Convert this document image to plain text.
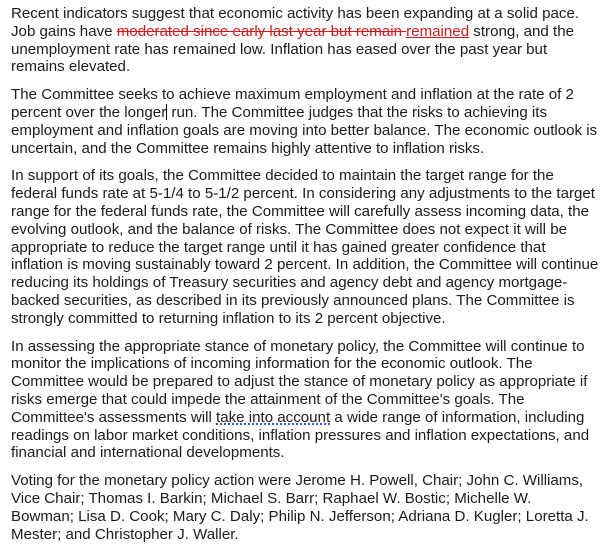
Recent indicators suggest that economic activity has been expanding at a solid pace.
Job gains have moderated since early last year but remain remained strong, and the
unemployment rate has remained low. Inflation has eased over the past year but
remains elevated.

The Committee seeks to achieve maximum employment and inflation at the rate of 2
percent over the longer run. The Committee judges that the risks to achieving its
employment and inflation goals are moving into better balance. The economic outlook is
uncertain, and the Committee remains highly attentive to inflation risks.

In support of its goals, the Committee decided to maintain the target range for the
federal funds rate at 5-1/4 to 5-1/2 percent. In considering any adjustments to the target
range for the federal funds rate, the Committee will carefully assess incoming data, the
evolving outlook, and the balance of risks. The Committee does not expect it will be
appropriate to reduce the target range until it has gained greater confidence that
inflation is moving sustainably toward 2 percent. In addition, the Committee will continue
reducing its holdings of Treasury securities and agency debt and agency mortgage-
backed securities, as described in its previously announced plans. The Committee is
strongly committed to returning inflation to its 2 percent objective.

In assessing the appropriate stance of monetary policy, the Committee will continue to
monitor the implications of incoming information for the economic outlook. The
Committee would be prepared to adjust the stance of monetary policy as appropriate if
risks emerge that could impede the attainment of the Committee's goals. The
Committee's assessments will take into account a wide range of information, including
readings on labor market conditions, inflation pressures and inflation expectations, and
financial and international developments.

Voting for the monetary policy action were Jerome H. Powell, Chair; John C. Williams,
Vice Chair; Thomas I. Barkin; Michael S. Barr; Raphael W. Bostic; Michelle W.
Bowman; Lisa D. Cook; Mary C. Daly; Philip N. Jefferson; Adriana D. Kugler; Loretta J.
Mester; and Christopher J. Waller.
